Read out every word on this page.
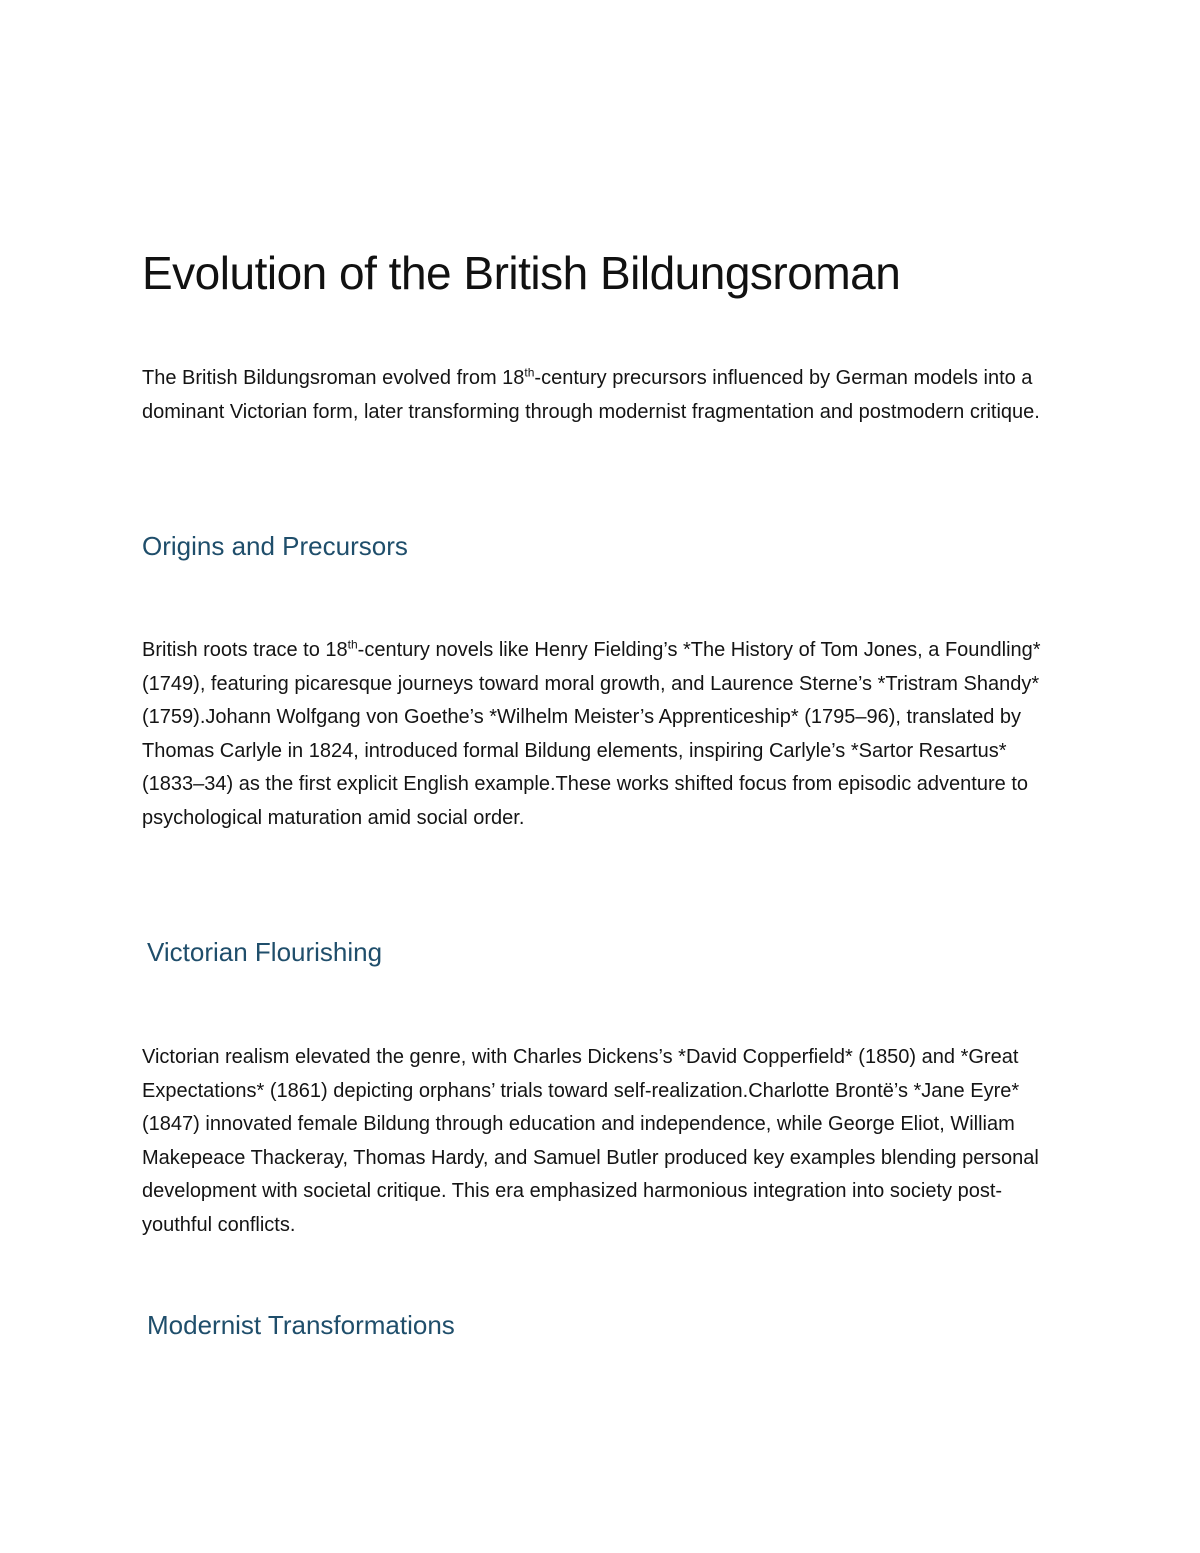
Evolution of the British Bildungsroman

The British Bildungsroman evolved from 18th-century precursors influenced by German models into a dominant Victorian form, later transforming through modernist fragmentation and postmodern critique.

Origins and Precursors

British roots trace to 18th-century novels like Henry Fielding’s *The History of Tom Jones, a Foundling* (1749), featuring picaresque journeys toward moral growth, and Laurence Sterne’s *Tristram Shandy* (1759).Johann Wolfgang von Goethe’s *Wilhelm Meister’s Apprenticeship* (1795–96), translated by Thomas Carlyle in 1824, introduced formal Bildung elements, inspiring Carlyle’s *Sartor Resartus* (1833–34) as the first explicit English example.These works shifted focus from episodic adventure to psychological maturation amid social order.

Victorian Flourishing

Victorian realism elevated the genre, with Charles Dickens’s *David Copperfield* (1850) and *Great Expectations* (1861) depicting orphans’ trials toward self-realization.Charlotte Brontë’s *Jane Eyre* (1847) innovated female Bildung through education and independence, while George Eliot, William Makepeace Thackeray, Thomas Hardy, and Samuel Butler produced key examples blending personal development with societal critique. This era emphasized harmonious integration into society post-youthful conflicts.

Modernist Transformations
